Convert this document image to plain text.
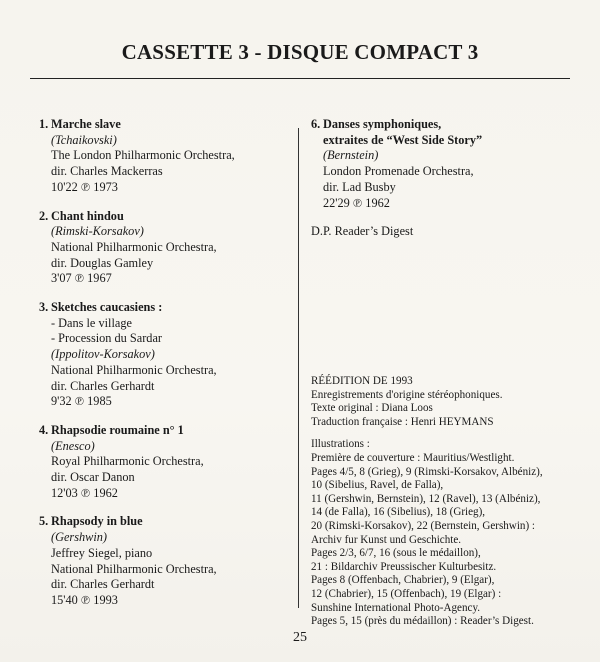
CASSETTE 3 - DISQUE COMPACT 3
1. Marche slave
(Tchaikovski)
The London Philharmonic Orchestra,
dir. Charles Mackerras
10'22 ℗ 1973
2. Chant hindou
(Rimski-Korsakov)
National Philharmonic Orchestra,
dir. Douglas Gamley
3'07 ℗ 1967
3. Sketches caucasiens :
- Dans le village
- Procession du Sardar
(Ippolitov-Korsakov)
National Philharmonic Orchestra,
dir. Charles Gerhardt
9'32 ℗ 1985
4. Rhapsodie roumaine n° 1
(Enesco)
Royal Philharmonic Orchestra,
dir. Oscar Danon
12'03 ℗ 1962
5. Rhapsody in blue
(Gershwin)
Jeffrey Siegel, piano
National Philharmonic Orchestra,
dir. Charles Gerhardt
15'40 ℗ 1993
6. Danses symphoniques,
extraites de “West Side Story”
(Bernstein)
London Promenade Orchestra,
dir. Lad Busby
22'29 ℗ 1962
D.P. Reader’s Digest
RÉÉDITION DE 1993
Enregistrements d'origine stéréophoniques.
Texte original : Diana Loos
Traduction française : Henri HEYMANS
Illustrations :
Première de couverture : Mauritius/Westlight.
Pages 4/5, 8 (Grieg), 9 (Rimski-Korsakov, Albéniz),
10 (Sibelius, Ravel, de Falla),
11 (Gershwin, Bernstein), 12 (Ravel), 13 (Albéniz),
14 (de Falla), 16 (Sibelius), 18 (Grieg),
20 (Rimski-Korsakov), 22 (Bernstein, Gershwin) :
Archiv fur Kunst und Geschichte.
Pages 2/3, 6/7, 16 (sous le médaillon),
21 : Bildarchiv Preussischer Kulturbesitz.
Pages 8 (Offenbach, Chabrier), 9 (Elgar),
12 (Chabrier), 15 (Offenbach), 19 (Elgar) :
Sunshine International Photo-Agency.
Pages 5, 15 (près du médaillon) : Reader’s Digest.
25
